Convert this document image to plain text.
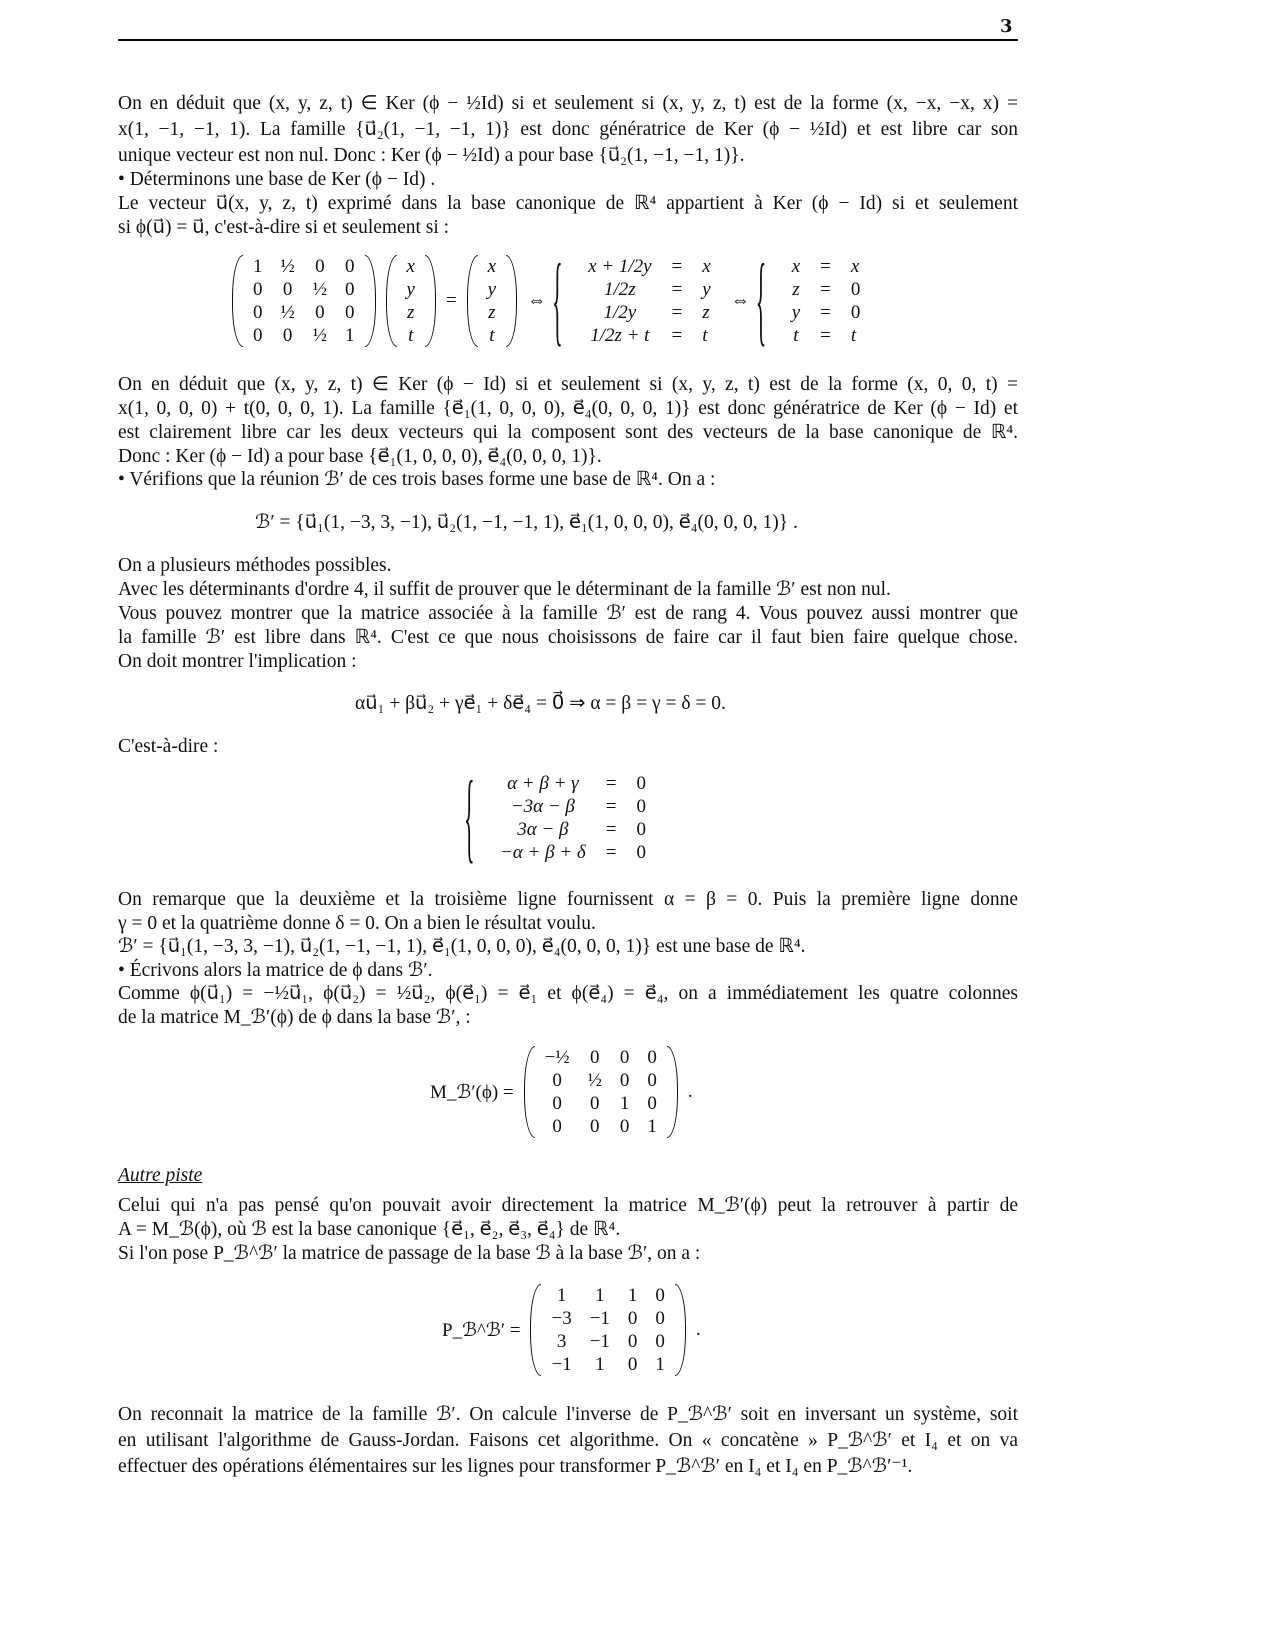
3
On en déduit que (x, y, z, t) ∈ Ker (ϕ − ½Id) si et seulement si (x, y, z, t) est de la forme (x, −x, −x, x) =
x(1, −1, −1, 1). La famille {u⃗₂(1, −1, −1, 1)} est donc génératrice de Ker (ϕ − ½Id) et est libre car son
unique vecteur est non nul. Donc : Ker (ϕ − ½Id) a pour base {u⃗₂(1, −1, −1, 1)}.
• Déterminons une base de Ker (ϕ − Id) .
Le vecteur u⃗(x, y, z, t) exprimé dans la base canonique de ℝ⁴ appartient à Ker (ϕ − Id) si et seulement
si ϕ(u⃗) = u⃗, c'est-à-dire si et seulement si :
On en déduit que (x, y, z, t) ∈ Ker (ϕ − Id) si et seulement si (x, y, z, t) est de la forme (x, 0, 0, t) =
x(1, 0, 0, 0) + t(0, 0, 0, 1). La famille {e⃗₁(1, 0, 0, 0), e⃗₄(0, 0, 0, 1)} est donc génératrice de Ker (ϕ − Id) et
est clairement libre car les deux vecteurs qui la composent sont des vecteurs de la base canonique de ℝ⁴.
Donc : Ker (ϕ − Id) a pour base {e⃗₁(1, 0, 0, 0), e⃗₄(0, 0, 0, 1)}.
• Vérifions que la réunion ℬ′ de ces trois bases forme une base de ℝ⁴. On a :
ℬ′ = {u⃗₁(1, −3, 3, −1), u⃗₂(1, −1, −1, 1), e⃗₁(1, 0, 0, 0), e⃗₄(0, 0, 0, 1)} .
On a plusieurs méthodes possibles.
Avec les déterminants d'ordre 4, il suffit de prouver que le déterminant de la famille ℬ′ est non nul.
Vous pouvez montrer que la matrice associée à la famille ℬ′ est de rang 4. Vous pouvez aussi montrer que
la famille ℬ′ est libre dans ℝ⁴. C'est ce que nous choisissons de faire car il faut bien faire quelque chose.
On doit montrer l'implication :
αu⃗₁ + βu⃗₂ + γe⃗₁ + δe⃗₄ = 0⃗ ⇒ α = β = γ = δ = 0.
C'est-à-dire :
On remarque que la deuxième et la troisième ligne fournissent α = β = 0. Puis la première ligne donne
γ = 0 et la quatrième donne δ = 0. On a bien le résultat voulu.
ℬ′ = {u⃗₁(1, −3, 3, −1), u⃗₂(1, −1, −1, 1), e⃗₁(1, 0, 0, 0), e⃗₄(0, 0, 0, 1)} est une base de ℝ⁴.
• Écrivons alors la matrice de ϕ dans ℬ′.
Comme ϕ(u⃗₁) = −½u⃗₁, ϕ(u⃗₂) = ½u⃗₂, ϕ(e⃗₁) = e⃗₁ et ϕ(e⃗₄) = e⃗₄, on a immédiatement les quatre colonnes
de la matrice M_ℬ′(ϕ) de ϕ dans la base ℬ′, :
Autre piste
Celui qui n'a pas pensé qu'on pouvait avoir directement la matrice M_ℬ′(ϕ) peut la retrouver à partir de
A = M_ℬ(ϕ), où ℬ est la base canonique {e⃗₁, e⃗₂, e⃗₃, e⃗₄} de ℝ⁴.
Si l'on pose P_ℬ^ℬ′ la matrice de passage de la base ℬ à la base ℬ′, on a :
On reconnait la matrice de la famille ℬ′. On calcule l'inverse de P_ℬ^ℬ′ soit en inversant un système, soit
en utilisant l'algorithme de Gauss-Jordan. Faisons cet algorithme. On « concatène » P_ℬ^ℬ′ et I₄ et on va
effectuer des opérations élémentaires sur les lignes pour transformer P_ℬ^ℬ′ en I₄ et I₄ en P_ℬ^ℬ′⁻¹.
1	½	0	0
0	0	½	0
0	½	0	0
0	0	½	1
x
y
z
t
=
x
y
z
t
⇔
{ x + 1/2y	=	x
1/2z	=	y
1/2y	=	z
1/2z + t	=	t
⇔
{ x	=	x
z	=	0
y	=	0
t	=	t
{ α + β + γ	=	0
−3α − β	=	0
3α − β	=	0
−α + β + δ	=	0
M_ℬ′(ϕ) =
−½	0	0	0
0	½	0	0
0	0	1	0
0	0	0	1
.
P_ℬ^ℬ′ =
1	1	1	0
−3	−1	0	0
3	−1	0	0
−1	1	0	1
.
